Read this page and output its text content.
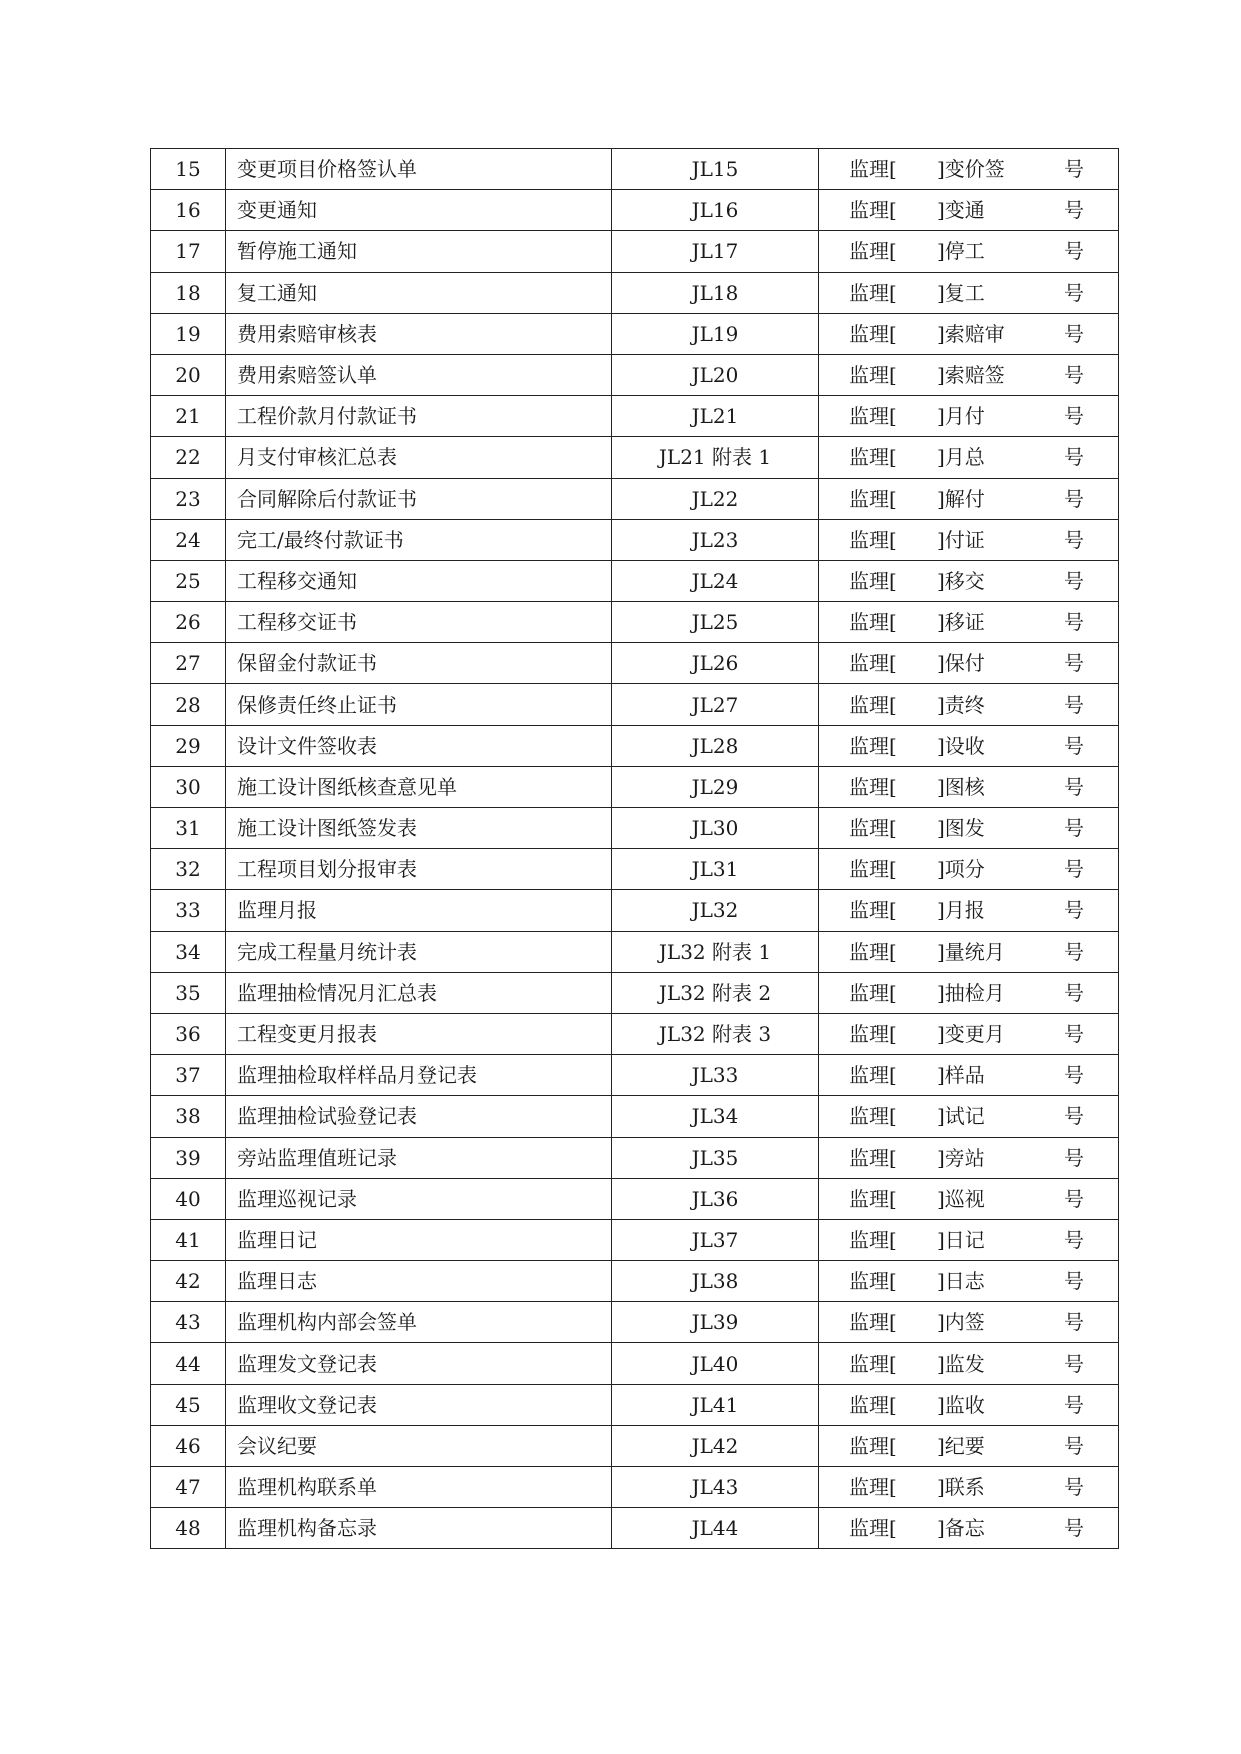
15	变更项目价格签认单	JL15	监理[ ]变价签 号

16	变更通知	JL16	监理[ ]变通 号

17	暂停施工通知	JL17	监理[ ]停工 号

18	复工通知	JL18	监理[ ]复工 号

19	费用索赔审核表	JL19	监理[ ]索赔审 号

20	费用索赔签认单	JL20	监理[ ]索赔签 号

21	工程价款月付款证书	JL21	监理[ ]月付 号

22	月支付审核汇总表	JL21 附表 1	监理[ ]月总 号

23	合同解除后付款证书	JL22	监理[ ]解付 号

24	完工/最终付款证书	JL23	监理[ ]付证 号

25	工程移交通知	JL24	监理[ ]移交 号

26	工程移交证书	JL25	监理[ ]移证 号

27	保留金付款证书	JL26	监理[ ]保付 号

28	保修责任终止证书	JL27	监理[ ]责终 号

29	设计文件签收表	JL28	监理[ ]设收 号

30	施工设计图纸核查意见单	JL29	监理[ ]图核 号

31	施工设计图纸签发表	JL30	监理[ ]图发 号

32	工程项目划分报审表	JL31	监理[ ]项分 号

33	监理月报	JL32	监理[ ]月报 号

34	完成工程量月统计表	JL32 附表 1	监理[ ]量统月 号

35	监理抽检情况月汇总表	JL32 附表 2	监理[ ]抽检月 号

36	工程变更月报表	JL32 附表 3	监理[ ]变更月 号

37	监理抽检取样样品月登记表	JL33	监理[ ]样品 号

38	监理抽检试验登记表	JL34	监理[ ]试记 号

39	旁站监理值班记录	JL35	监理[ ]旁站 号

40	监理巡视记录	JL36	监理[ ]巡视 号

41	监理日记	JL37	监理[ ]日记 号

42	监理日志	JL38	监理[ ]日志 号

43	监理机构内部会签单	JL39	监理[ ]内签 号

44	监理发文登记表	JL40	监理[ ]监发 号

45	监理收文登记表	JL41	监理[ ]监收 号

46	会议纪要	JL42	监理[ ]纪要 号

47	监理机构联系单	JL43	监理[ ]联系 号

48	监理机构备忘录	JL44	监理[ ]备忘 号
